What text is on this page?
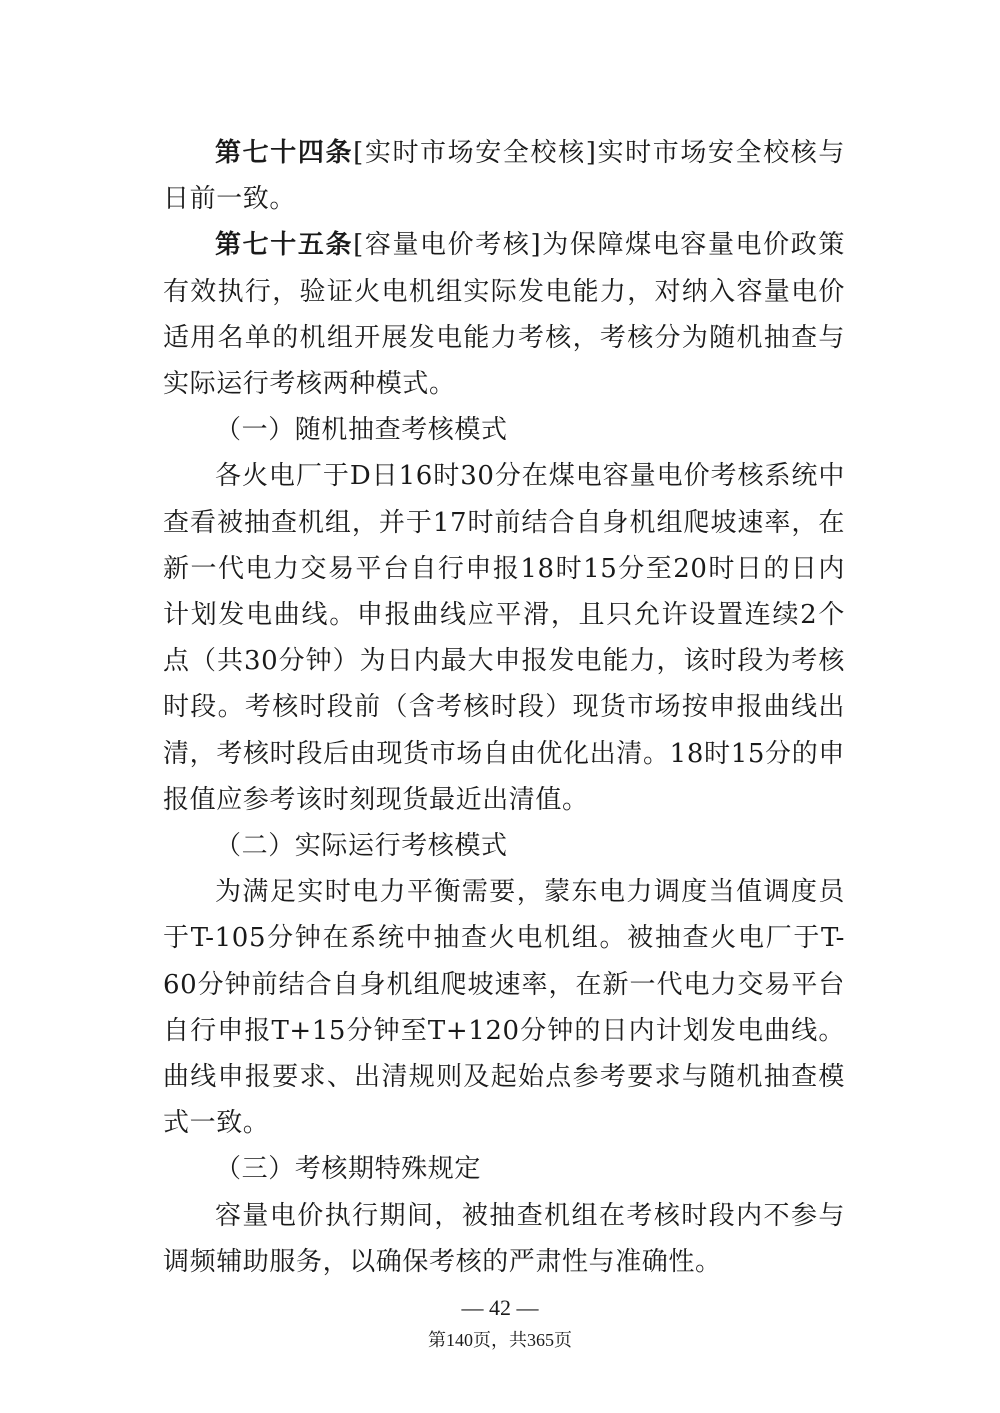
第七十四条[实时市场安全校核]实时市场安全校核与日前一致。

第七十五条[容量电价考核]为保障煤电容量电价政策有效执行，验证火电机组实际发电能力，对纳入容量电价适用名单的机组开展发电能力考核，考核分为随机抽查与实际运行考核两种模式。

（一）随机抽查考核模式

各火电厂于D日16时30分在煤电容量电价考核系统中查看被抽查机组，并于17时前结合自身机组爬坡速率，在新一代电力交易平台自行申报18时15分至20时日的日内计划发电曲线。申报曲线应平滑，且只允许设置连续2个点（共30分钟）为日内最大申报发电能力，该时段为考核时段。考核时段前（含考核时段）现货市场按申报曲线出清，考核时段后由现货市场自由优化出清。18时15分的申报值应参考该时刻现货最近出清值。

（二）实际运行考核模式

为满足实时电力平衡需要，蒙东电力调度当值调度员于T-105分钟在系统中抽查火电机组。被抽查火电厂于T-60分钟前结合自身机组爬坡速率，在新一代电力交易平台自行申报T+15分钟至T+120分钟的日内计划发电曲线。曲线申报要求、出清规则及起始点参考要求与随机抽查模式一致。

（三）考核期特殊规定

容量电价执行期间，被抽查机组在考核时段内不参与调频辅助服务，以确保考核的严肃性与准确性。

— 42 —
第140页，共365页
